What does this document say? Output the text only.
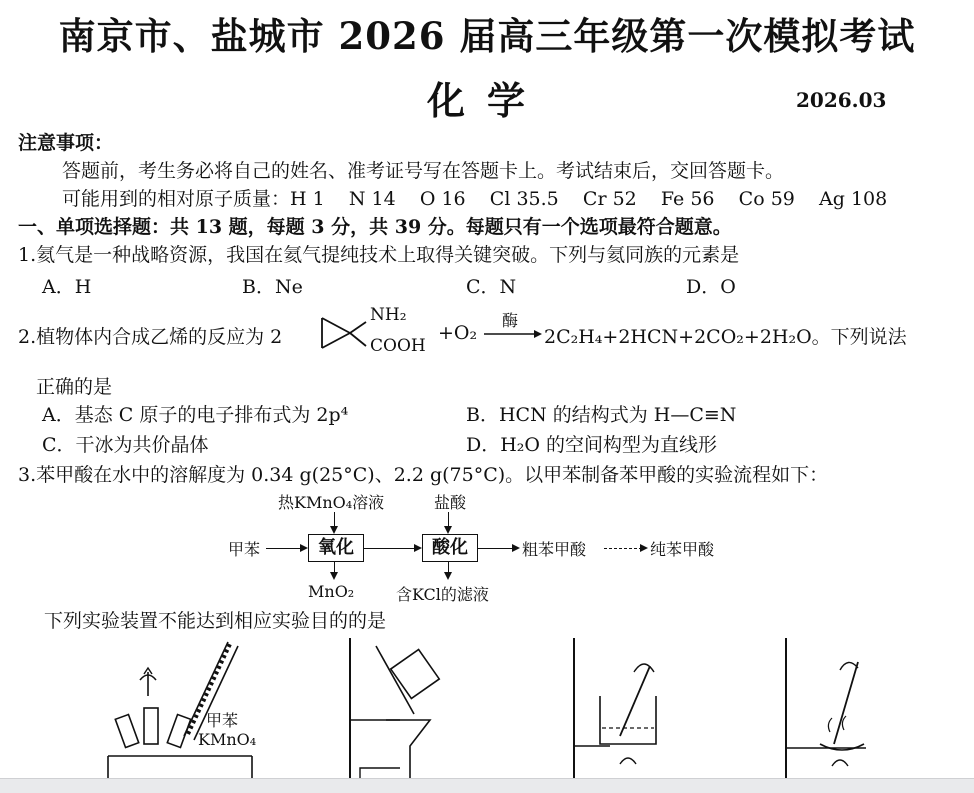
南京市、盐城市 2026 届高三年级第一次模拟考试
化学	2026.03
注意事项：
答题前，考生务必将自己的姓名、准考证号写在答题卡上。考试结束后，交回答题卡。
可能用到的相对原子质量：H 1    N 14    O 16    Cl 35.5    Cr 52    Fe 56    Co 59    Ag 108
一、单项选择题：共 13 题，每题 3 分，共 39 分。每题只有一个选项最符合题意。
1.氦气是一种战略资源，我国在氦气提纯技术上取得关键突破。下列与氦同族的元素是
A．H	B．Ne	C．N	D．O
2.植物体内合成乙烯的反应为 2
NH₂
COOH
+O₂
酶
→ 2C₂H₄+2HCN+2CO₂+2H₂O。下列说法
正确的是
A．基态 C 原子的电子排布式为 2p⁴	B．HCN 的结构式为 H—C≡N
C．干冰为共价晶体	D．H₂O 的空间构型为直线形
3.苯甲酸在水中的溶解度为 0.34 g(25°C)、2.2 g(75°C)。以甲苯制备苯甲酸的实验流程如下：
热KMnO₄溶液	盐酸
甲苯	氧化	酸化	粗苯甲酸	纯苯甲酸
MnO₂	含KCl的滤液
下列实验装置不能达到相应实验目的的是
甲苯
KMnO₄
